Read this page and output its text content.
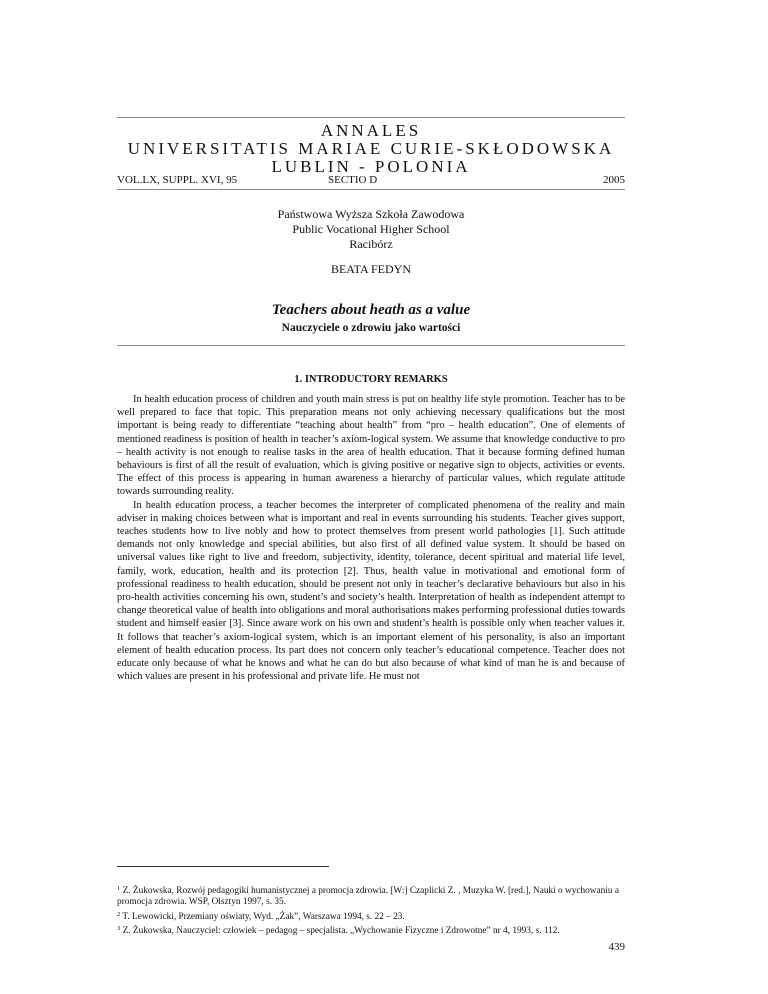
ANNALES
UNIVERSITATIS MARIAE CURIE-SKŁODOWSKA
LUBLIN - POLONIA
VOL.LX, SUPPL. XVI, 95	SECTIO D	2005
Państwowa Wyższa Szkoła Zawodowa
Public Vocational Higher School
Racibórz
BEATA FEDYN
Teachers about heath as a value
Nauczyciele o zdrowiu jako wartości
1. INTRODUCTORY REMARKS

In health education process of children and youth main stress is put on healthy life style promotion. Teacher has to be well prepared to face that topic. This preparation means not only achieving necessary qualifications but the most important is being ready to differentiate “teaching about health” from “pro – health education”. One of elements of mentioned readiness is position of health in teacher’s axiom-logical system. We assume that knowledge conductive to pro – health activity is not enough to realise tasks in the area of health education. That it because forming defined human behaviours is first of all the result of evaluation, which is giving positive or negative sign to objects, activities or events. The effect of this process is appearing in human awareness a hierarchy of particular values, which regulate attitude towards surrounding reality.

In health education process, a teacher becomes the interpreter of complicated phenomena of the reality and main adviser in making choices between what is important and real in events surrounding his students. Teacher gives support, teaches students how to live nobly and how to protect themselves from present world pathologies [1]. Such attitude demands not only knowledge and special abilities, but also first of all defined value system. It should be based on universal values like right to live and freedom, subjectivity, identity, tolerance, decent spiritual and material life level, family, work, education, health and its protection [2]. Thus, health value in motivational and emotional form of professional readiness to health education, should be present not only in teacher’s declarative behaviours but also in his pro-health activities concerning his own, student’s and society’s health. Interpretation of health as independent attempt to change theoretical value of health into obligations and moral authorisations makes performing professional duties towards student and himself easier [3]. Since aware work on his own and student’s health is possible only when teacher values it. It follows that teacher’s axiom-logical system, which is an important element of his personality, is also an important element of health education process. Its part does not concern only teacher’s educational competence. Teacher does not educate only because of what he knows and what he can do but also because of what kind of man he is and because of which values are present in his professional and private life. He must not

$^1$ Z. Żukowska, Rozwój pedagogiki humanistycznej a promocja zdrowia. [W:] Czaplicki Z. , Muzyka W. [red.], Nauki o wychowaniu a promocja zdrowia. WSP, Olsztyn 1997, s. 35.
$^2$ T. Lewowicki, Przemiany oświaty, Wyd. „Żak”, Warszawa 1994, s. 22 – 23.
$^3$ Z. Żukowska, Nauczyciel: człowiek – pedagog – specjalista. „Wychowanie Fizyczne i Zdrowotne” nr 4, 1993, s. 112.
439
